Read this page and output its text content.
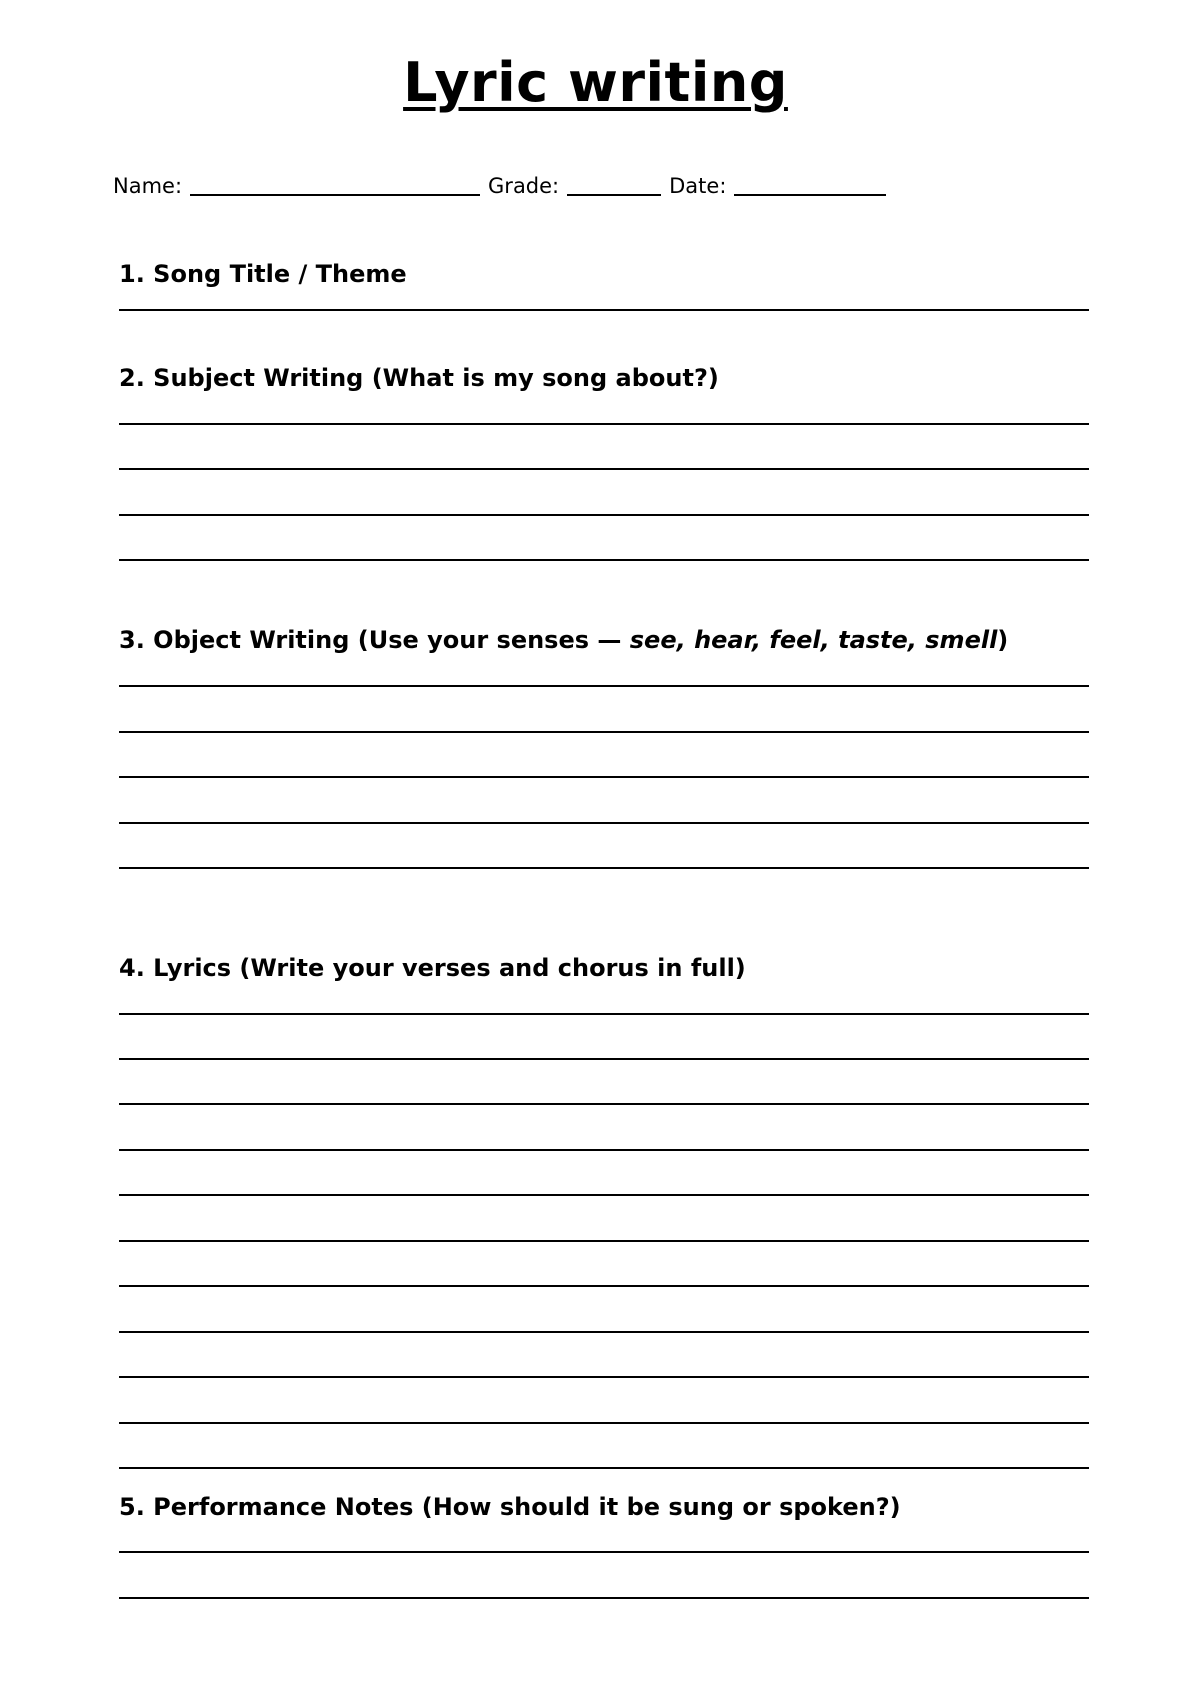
Lyric writing
Name:	Grade:	Date:
1. Song Title / Theme
2. Subject Writing (What is my song about?)
3. Object Writing (Use your senses — see, hear, feel, taste, smell)
4. Lyrics (Write your verses and chorus in full)
5. Performance Notes (How should it be sung or spoken?)
